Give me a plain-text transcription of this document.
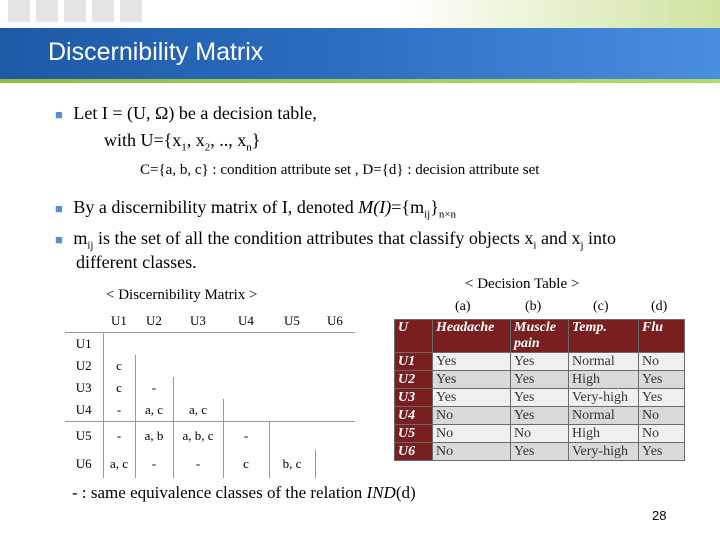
Discernibility Matrix
■ Let I = (U, Ω) be a decision table,
with $U=\{x_1$, $x_2$, .., $x_n$}
C={a, b, c} : condition attribute set , D={d} : decision attribute set
■ By a discernibility matrix of I, denoted $M(I)=\{m_{ij}\}_{n\times n}$
■ $m_{ij}$ is the set of all the condition attributes that classify objects $x_i$ and $x_j$ into
different classes.
< Discernibility Matrix >
	U1	U2	U3	U4	U5	U6
U1						
U2	c					
U3	c	-				
U4	-	a, c	a, c			
U5	-	a, b	a, b, c	-		
U6	a, c	-	-	c	b, c	
< Decision Table >
(a)	(b)	(c)	(d)
U	Headache	Muscle pain	Temp.	Flu
U1	Yes	Yes	Normal	No
U2	Yes	Yes	High	Yes
U3	Yes	Yes	Very-high	Yes
U4	No	Yes	Normal	No
U5	No	No	High	No
U6	No	Yes	Very-high	Yes
- : same equivalence classes of the relation IND(d)
28
